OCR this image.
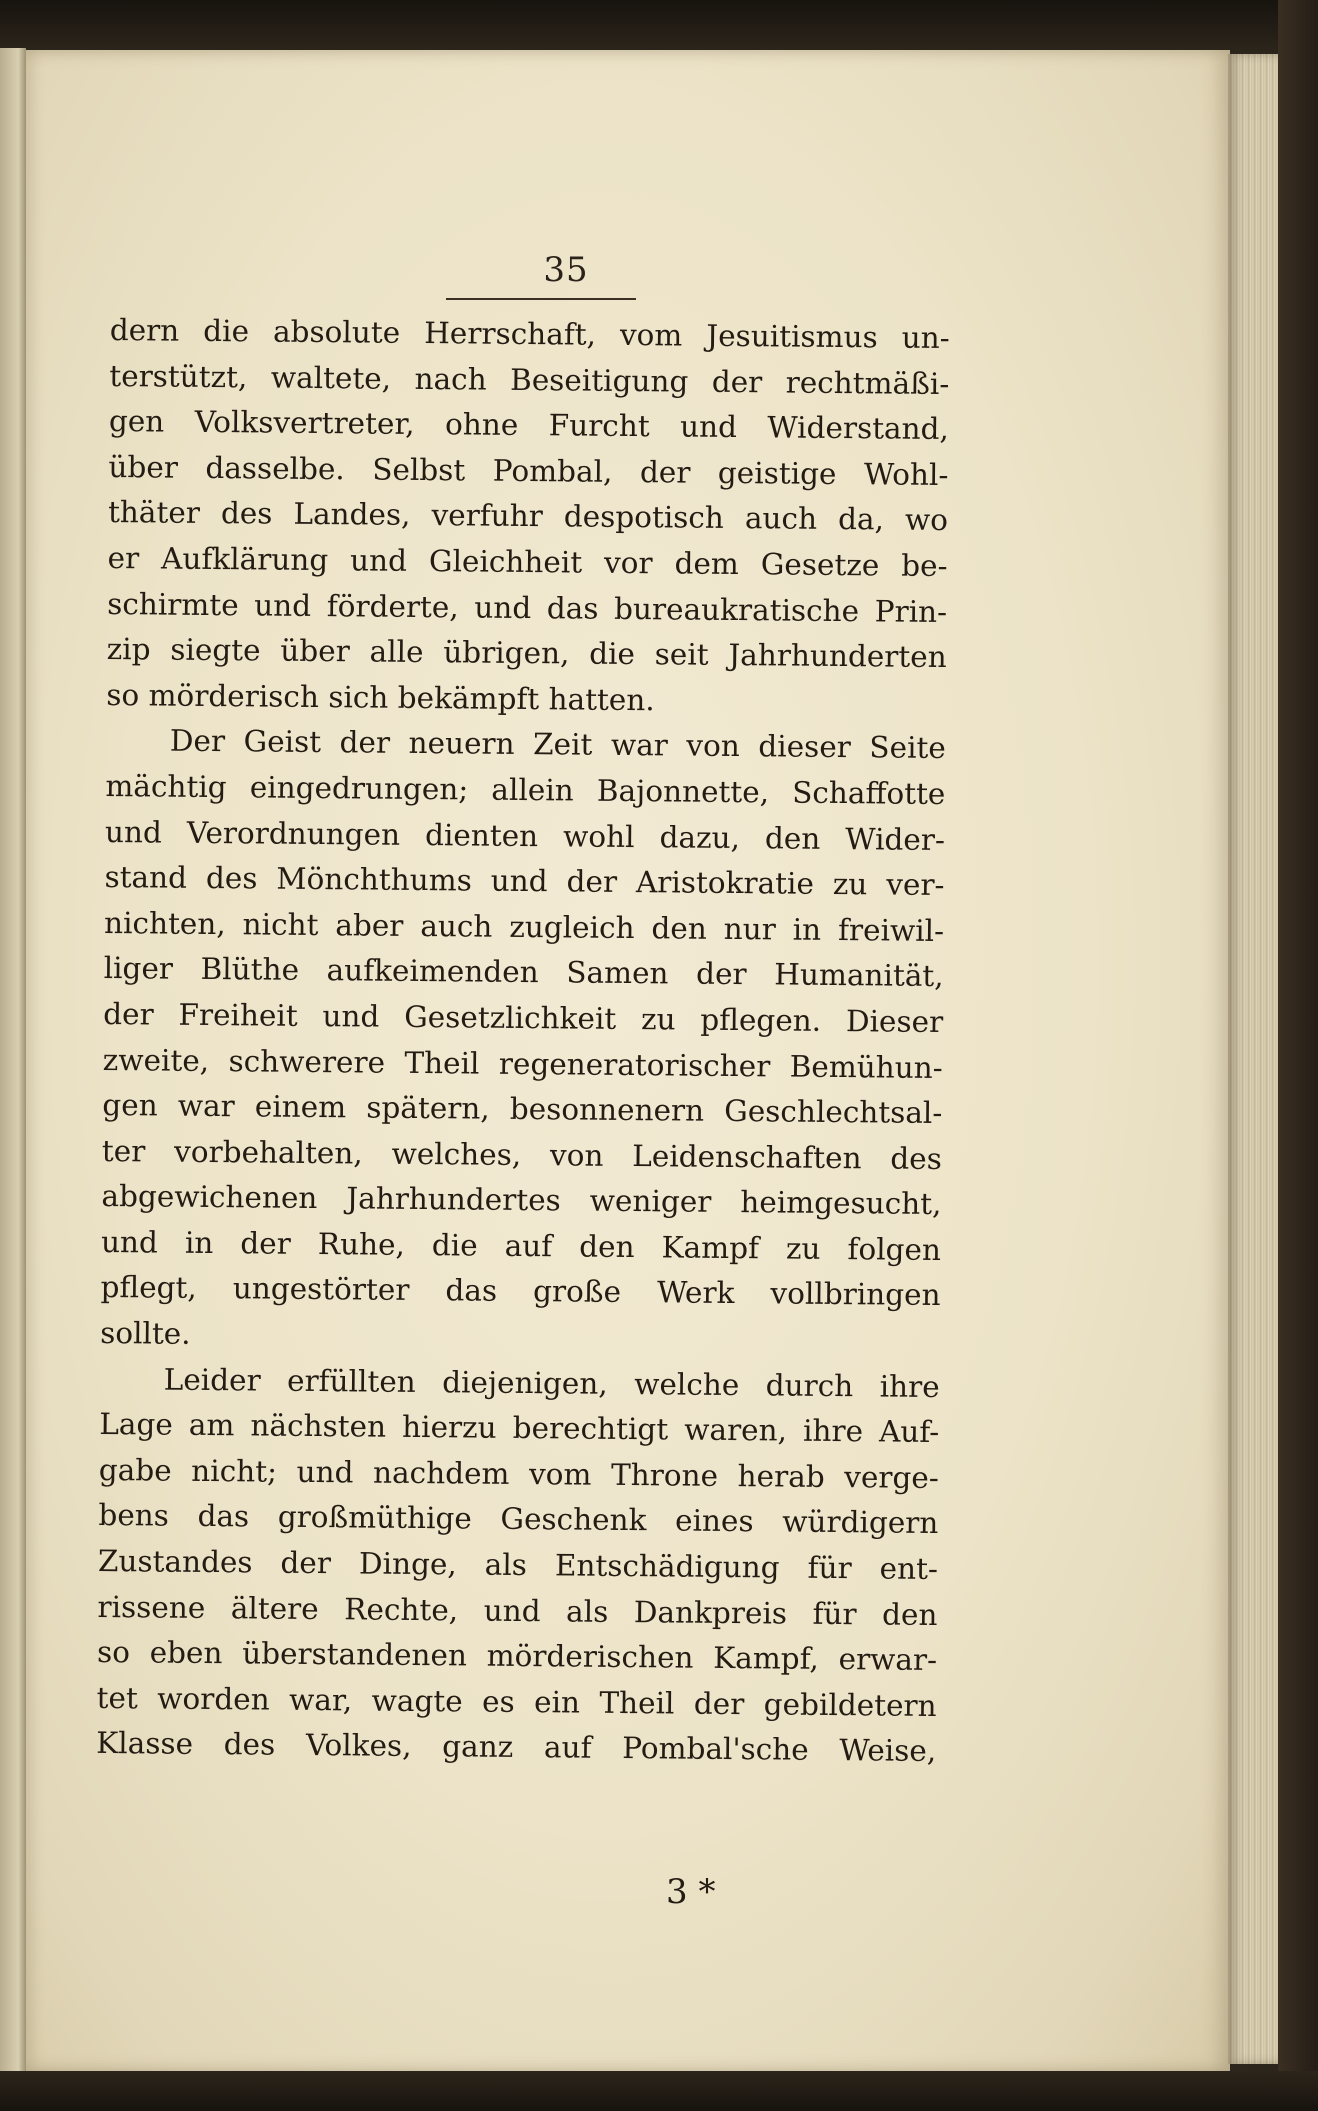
35
dern die absolute Herrschaft, vom Jesuitismus un-
terstützt, waltete, nach Beseitigung der rechtmäßi-
gen Volksvertreter, ohne Furcht und Widerstand,
über dasselbe. Selbst Pombal, der geistige Wohl-
thäter des Landes, verfuhr despotisch auch da, wo
er Aufklärung und Gleichheit vor dem Gesetze be-
schirmte und förderte, und das bureaukratische Prin-
zip siegte über alle übrigen, die seit Jahrhunderten
so mörderisch sich bekämpft hatten.
Der Geist der neuern Zeit war von dieser Seite
mächtig eingedrungen; allein Bajonnette, Schaffotte
und Verordnungen dienten wohl dazu, den Wider-
stand des Mönchthums und der Aristokratie zu ver-
nichten, nicht aber auch zugleich den nur in freiwil-
liger Blüthe aufkeimenden Samen der Humanität,
der Freiheit und Gesetzlichkeit zu pflegen. Dieser
zweite, schwerere Theil regeneratorischer Bemühun-
gen war einem spätern, besonnenern Geschlechtsal-
ter vorbehalten, welches, von Leidenschaften des
abgewichenen Jahrhundertes weniger heimgesucht,
und in der Ruhe, die auf den Kampf zu folgen
pflegt, ungestörter das große Werk vollbringen
sollte.
Leider erfüllten diejenigen, welche durch ihre
Lage am nächsten hierzu berechtigt waren, ihre Auf-
gabe nicht; und nachdem vom Throne herab verge-
bens das großmüthige Geschenk eines würdigern
Zustandes der Dinge, als Entschädigung für ent-
rissene ältere Rechte, und als Dankpreis für den
so eben überstandenen mörderischen Kampf, erwar-
tet worden war, wagte es ein Theil der gebildetern
Klasse des Volkes, ganz auf Pombal'sche Weise,
3 *
